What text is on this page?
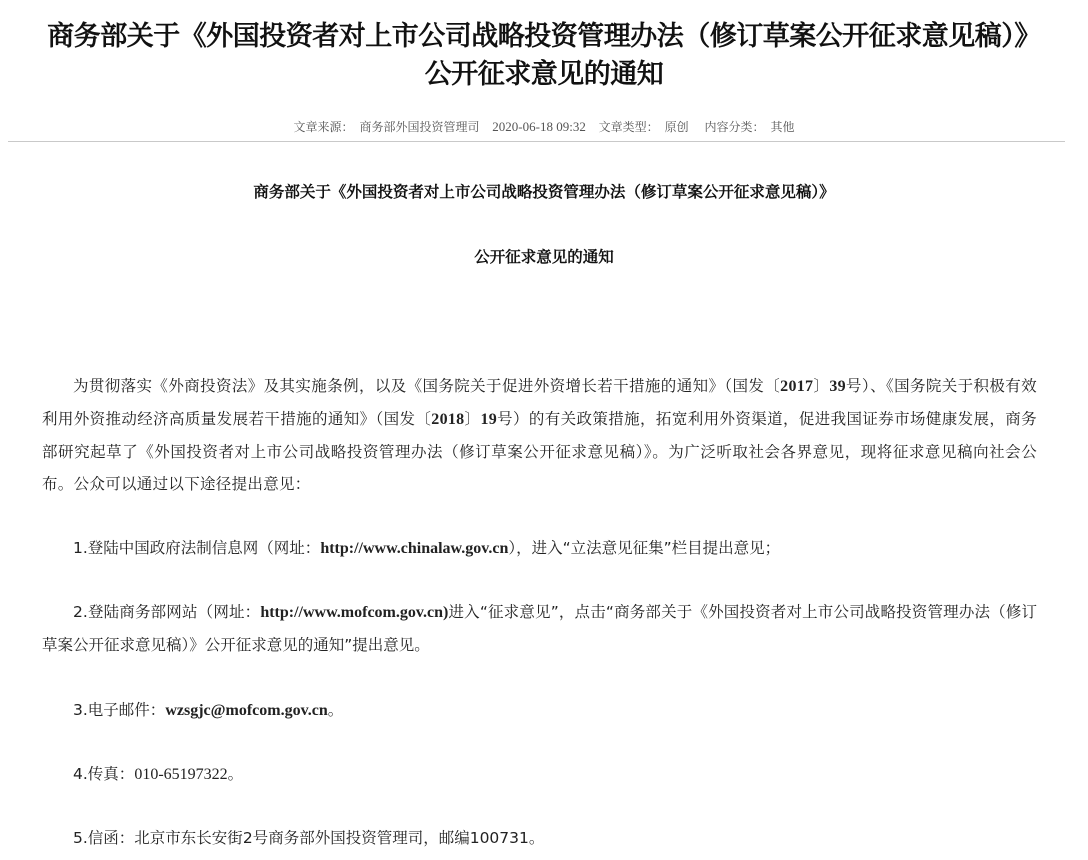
商务部关于《外国投资者对上市公司战略投资管理办法（修订草案公开征求意见稿）》
公开征求意见的通知
文章来源： 商务部外国投资管理司 2020-06-18 09:32 文章类型： 原创 内容分类： 其他
商务部关于《外国投资者对上市公司战略投资管理办法（修订草案公开征求意见稿）》
公开征求意见的通知

为贯彻落实《外商投资法》及其实施条例，以及《国务院关于促进外资增长若干措施的通知》（国发〔2017〕39号）、《国务院关于积极有效利用外资推动经济高质量发展若干措施的通知》（国发〔2018〕19号）的有关政策措施，拓宽利用外资渠道，促进我国证券市场健康发展，商务部研究起草了《外国投资者对上市公司战略投资管理办法（修订草案公开征求意见稿）》。为广泛听取社会各界意见，现将征求意见稿向社会公布。公众可以通过以下途径提出意见：

1.登陆中国政府法制信息网（网址：http://www.chinalaw.gov.cn），进入“立法意见征集”栏目提出意见；

2.登陆商务部网站（网址：http://www.mofcom.gov.cn)进入“征求意见”，点击“商务部关于《外国投资者对上市公司战略投资管理办法（修订草案公开征求意见稿）》公开征求意见的通知”提出意见。

3.电子邮件：wzsgjc@mofcom.gov.cn。

4.传真：010-65197322。

5.信函：北京市东长安街2号商务部外国投资管理司，邮编100731。
